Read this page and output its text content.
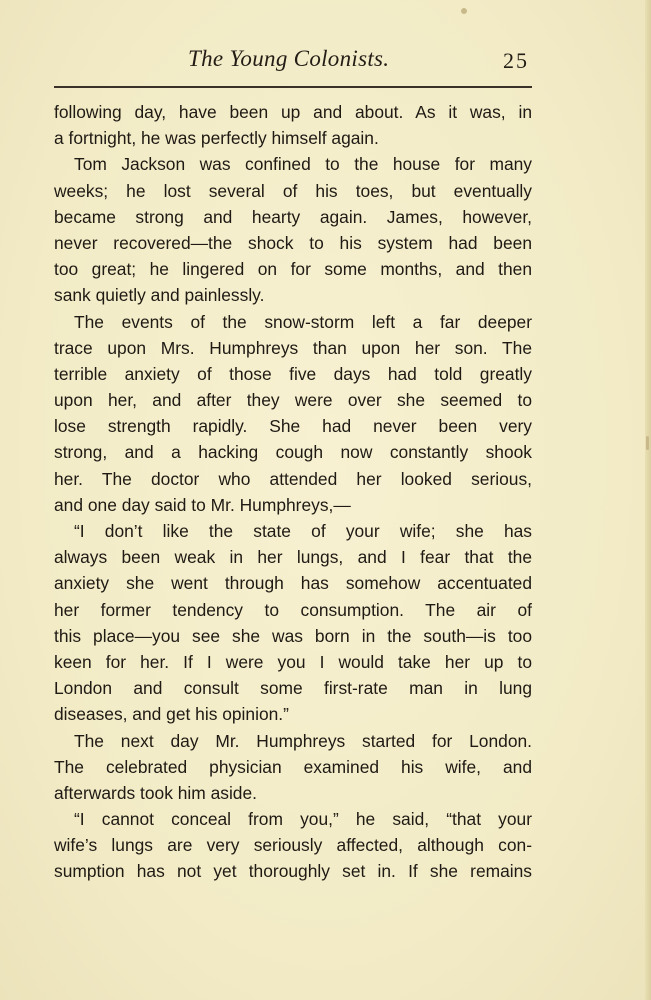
The Young Colonists.	25
following day, have been up and about. As it was, in
a fortnight, he was perfectly himself again.
Tom Jackson was confined to the house for many
weeks; he lost several of his toes, but eventually
became strong and hearty again. James, however,
never recovered—the shock to his system had been
too great; he lingered on for some months, and then
sank quietly and painlessly.
The events of the snow-storm left a far deeper
trace upon Mrs. Humphreys than upon her son. The
terrible anxiety of those five days had told greatly
upon her, and after they were over she seemed to
lose strength rapidly. She had never been very
strong, and a hacking cough now constantly shook
her. The doctor who attended her looked serious,
and one day said to Mr. Humphreys,—
“I don’t like the state of your wife; she has
always been weak in her lungs, and I fear that the
anxiety she went through has somehow accentuated
her former tendency to consumption. The air of
this place—you see she was born in the south—is too
keen for her. If I were you I would take her up to
London and consult some first-rate man in lung
diseases, and get his opinion.”
The next day Mr. Humphreys started for London.
The celebrated physician examined his wife, and
afterwards took him aside.
“I cannot conceal from you,” he said, “that your
wife’s lungs are very seriously affected, although con-
sumption has not yet thoroughly set in. If she remains
